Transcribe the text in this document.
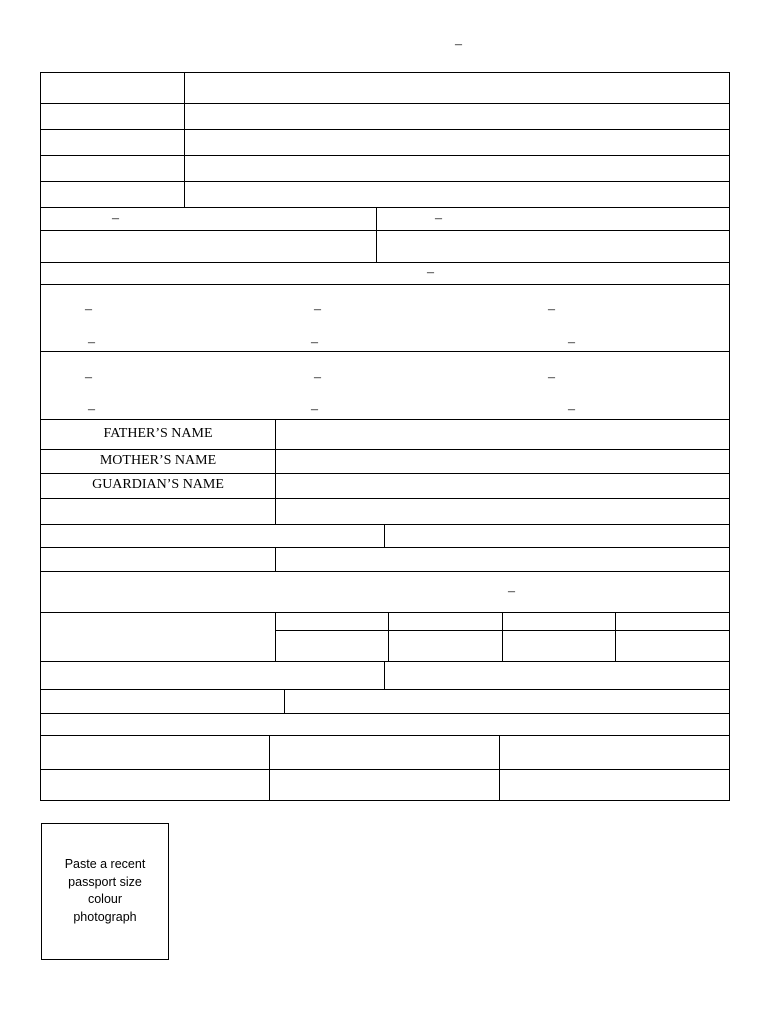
–
–	–
–
–	–	–
–	–	–
–	–	–
–	–	–
FATHER’S NAME
MOTHER’S NAME
GUARDIAN’S NAME
–
Paste a recent
passport size
colour
photograph
